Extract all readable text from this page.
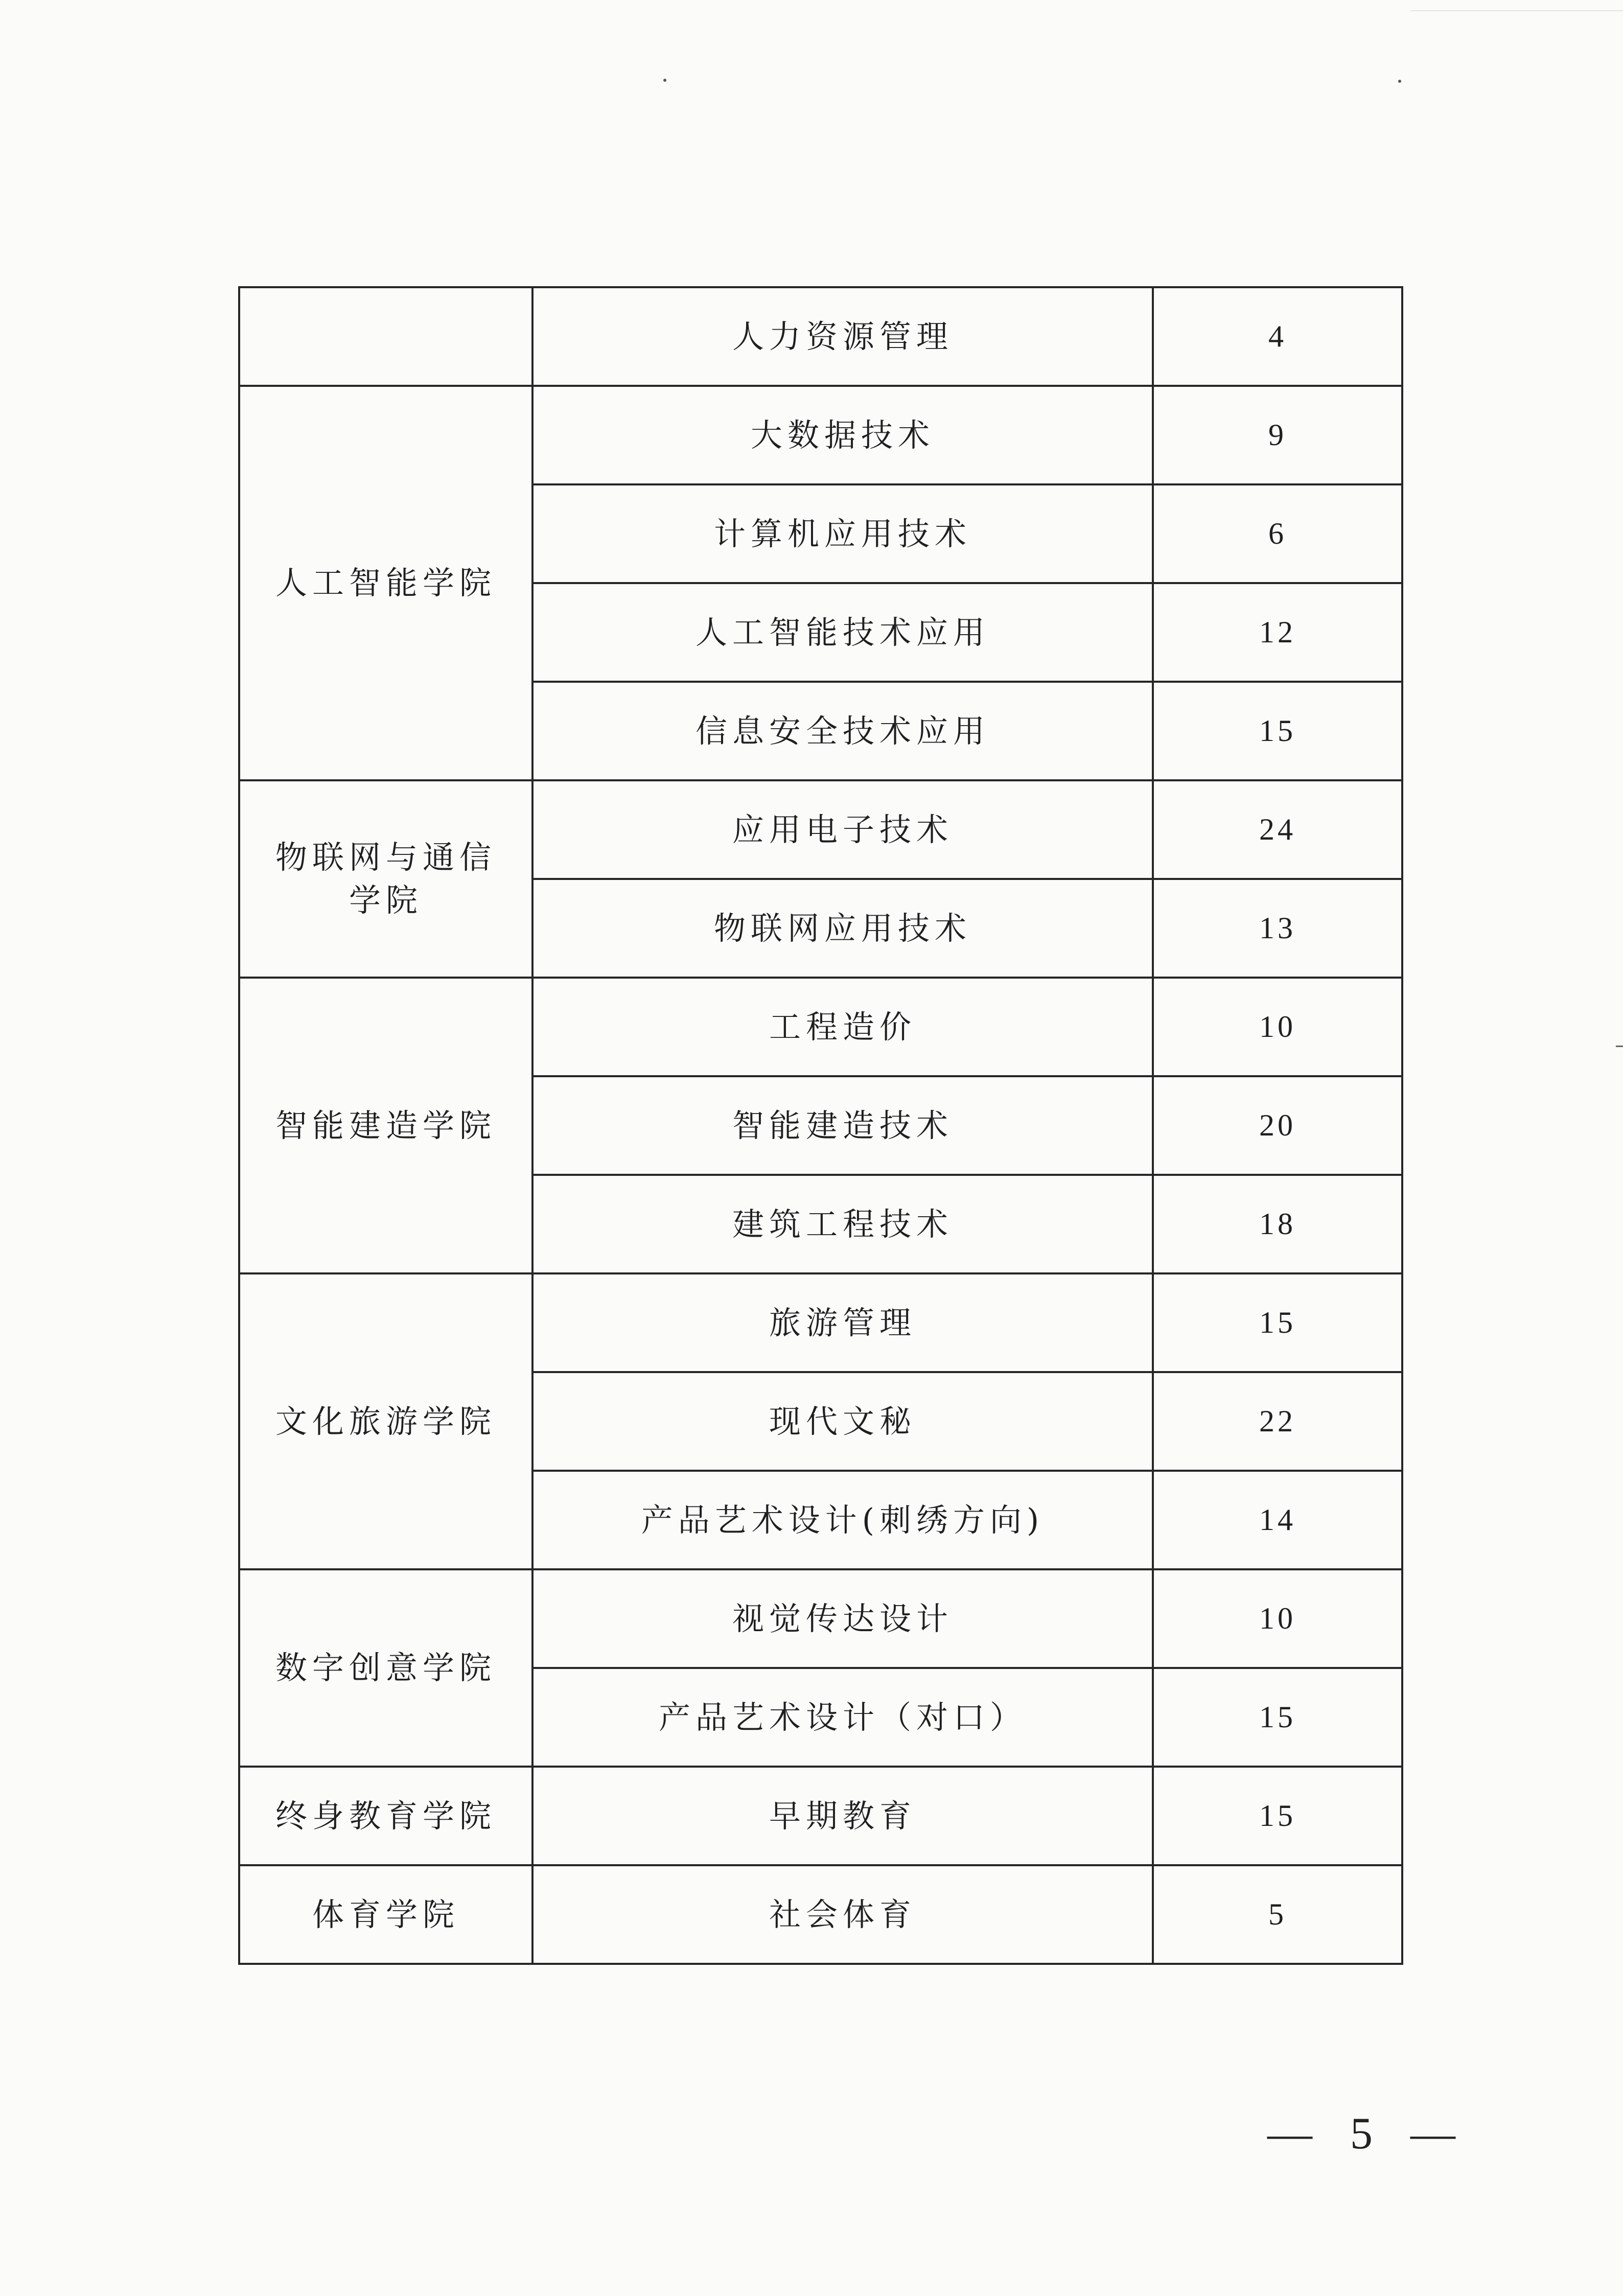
	人力资源管理	4
人工智能学院	大数据技术	9
	计算机应用技术	6
	人工智能技术应用	12
	信息安全技术应用	15
物联网与通信学院	应用电子技术	24
	物联网应用技术	13
智能建造学院	工程造价	10
	智能建造技术	20
	建筑工程技术	18
文化旅游学院	旅游管理	15
	现代文秘	22
	产品艺术设计(刺绣方向)	14
数字创意学院	视觉传达设计	10
	产品艺术设计（对口）	15
终身教育学院	早期教育	15
体育学院	社会体育	5
— 5 —
